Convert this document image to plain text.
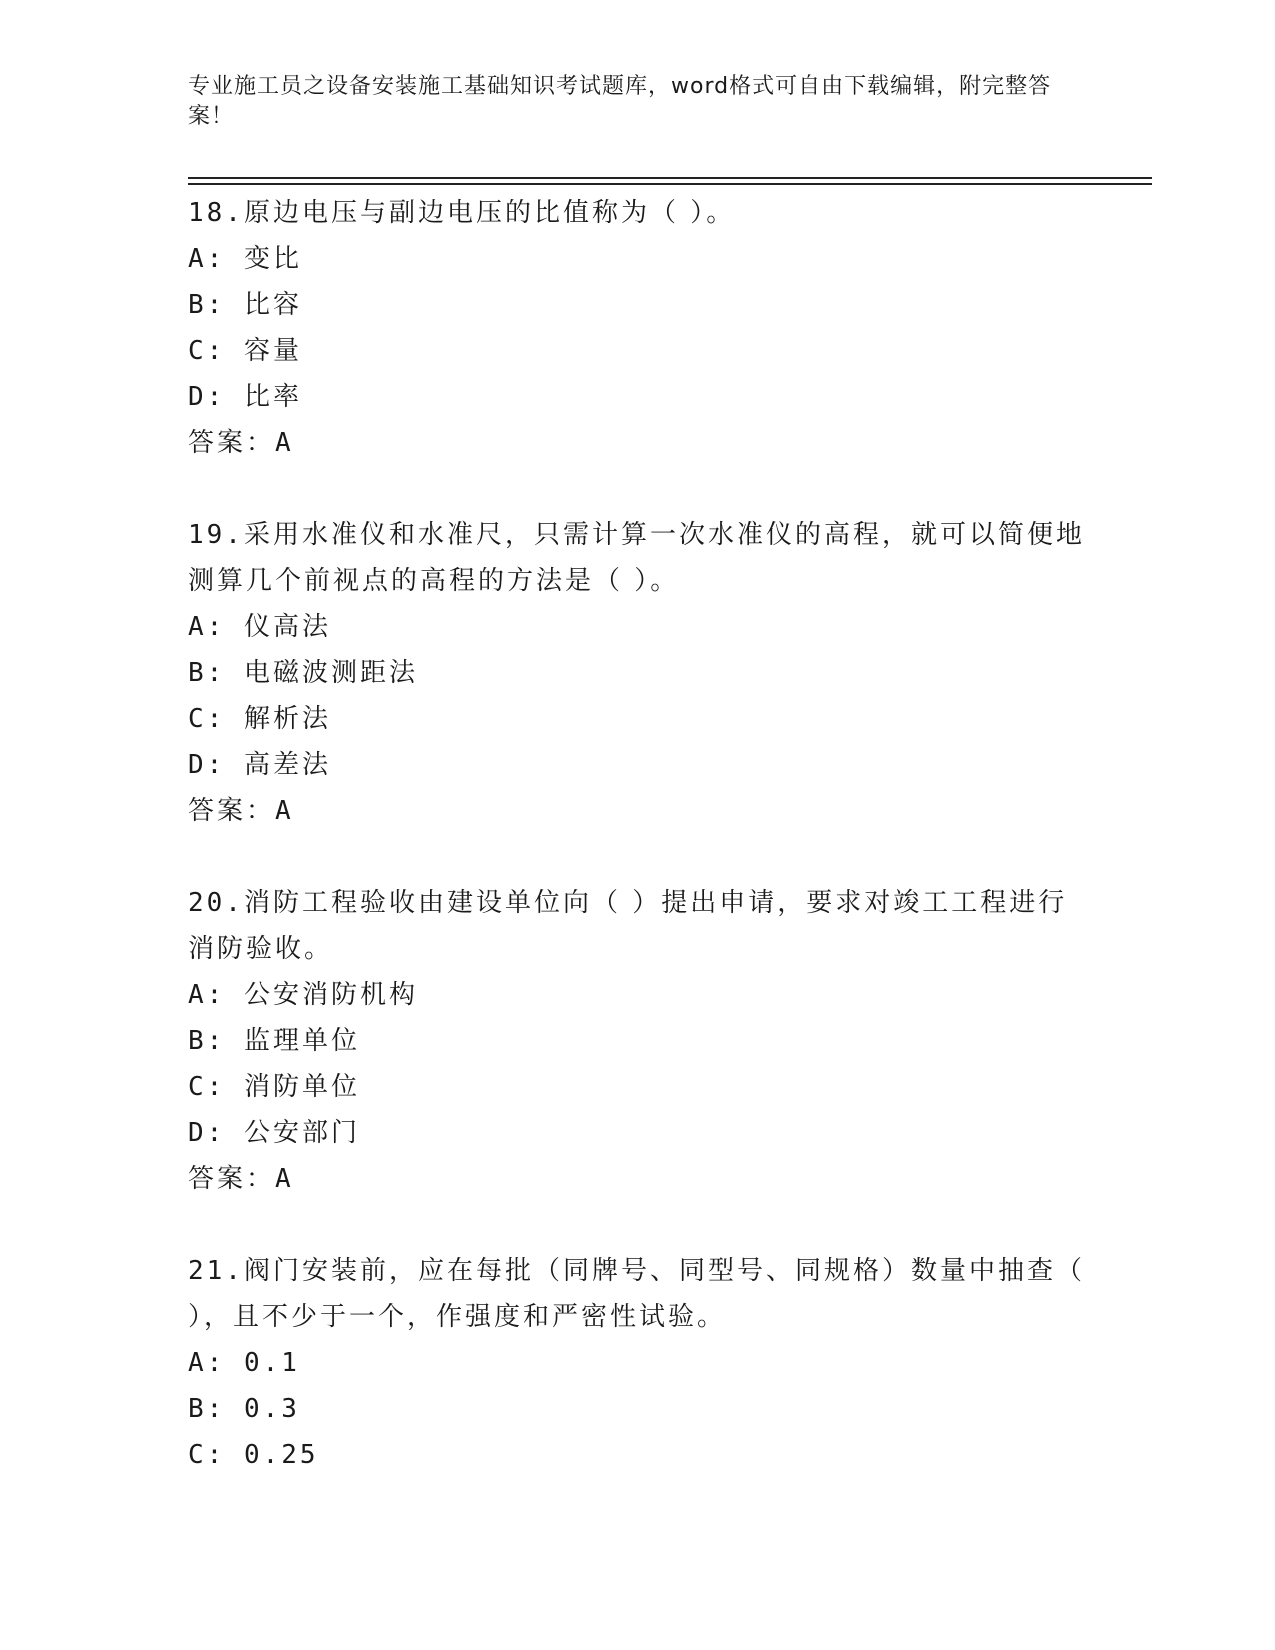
专业施工员之设备安装施工基础知识考试题库，word格式可自由下载编辑，附完整答案！
18.原边电压与副边电压的比值称为（ ）。
A: 变比
B: 比容
C: 容量
D: 比率
答案：A
19.采用水准仪和水准尺，只需计算一次水准仪的高程，就可以简便地测算几个前视点的高程的方法是（ ）。
A: 仪高法
B: 电磁波测距法
C: 解析法
D: 高差法
答案：A
20.消防工程验收由建设单位向（ ）提出申请，要求对竣工工程进行消防验收。
A: 公安消防机构
B: 监理单位
C: 消防单位
D: 公安部门
答案：A
21.阀门安装前，应在每批（同牌号、同型号、同规格）数量中抽查（ ），且不少于一个，作强度和严密性试验。
A: 0.1
B: 0.3
C: 0.25
